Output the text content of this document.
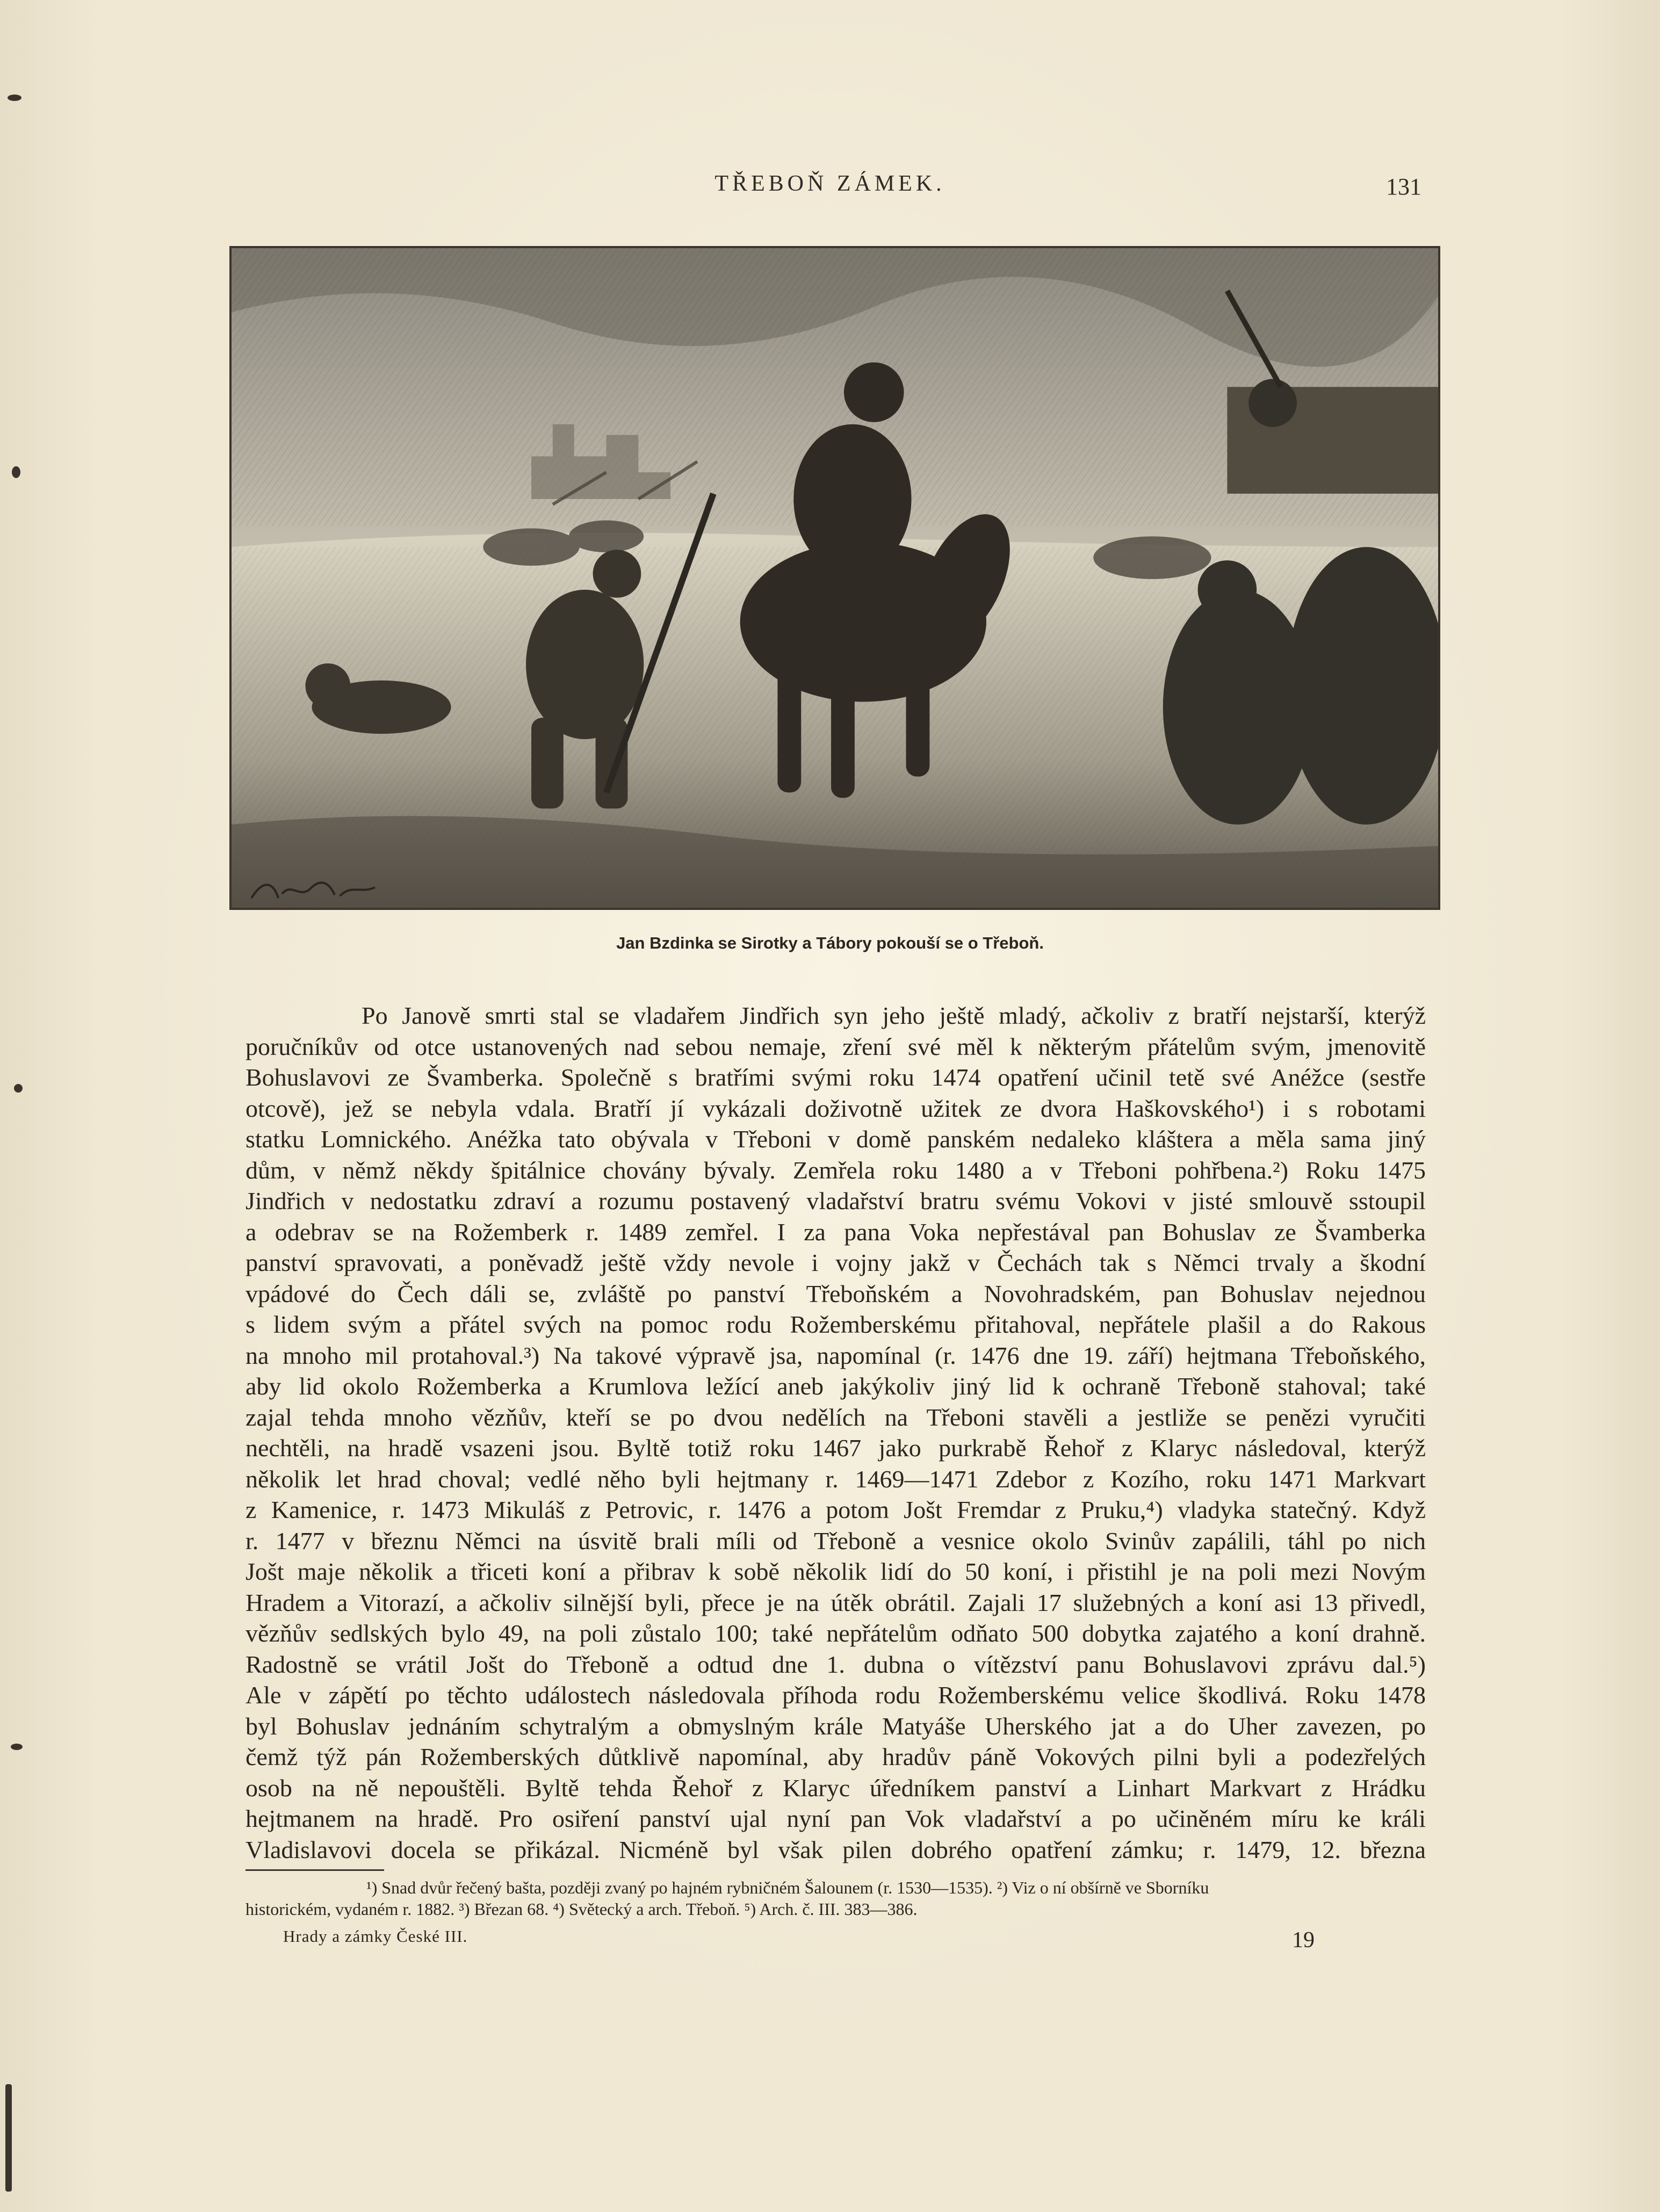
TŘEBOŇ ZÁMEK.	131
Jan Bzdinka se Sirotky a Tábory pokouší se o Třeboň.
Po Janově smrti stal se vladařem Jindřich syn jeho ještě mladý, ačkoliv z bratří nejstarší, kterýž
poručníkův od otce ustanovených nad sebou nemaje, zření své měl k některým přátelům svým, jmenovitě
Bohuslavovi ze Švamberka. Společně s bratřími svými roku 1474 opatření učinil tetě své Anéžce (sestře
otcově), jež se nebyla vdala. Bratří jí vykázali doživotně užitek ze dvora Haškovského¹) i s robotami
statku Lomnického. Anéžka tato obývala v Třeboni v domě panském nedaleko kláštera a měla sama jiný
dům, v němž někdy špitálnice chovány bývaly. Zemřela roku 1480 a v Třeboni pohřbena.²) Roku 1475
Jindřich v nedostatku zdraví a rozumu postavený vladařství bratru svému Vokovi v jisté smlouvě sstoupil
a odebrav se na Rožemberk r. 1489 zemřel. I za pana Voka nepřestával pan Bohuslav ze Švamberka
panství spravovati, a poněvadž ještě vždy nevole i vojny jakž v Čechách tak s Němci trvaly a škodní
vpádové do Čech dáli se, zvláště po panství Třeboňském a Novohradském, pan Bohuslav nejednou
s lidem svým a přátel svých na pomoc rodu Rožemberskému přitahoval, nepřátele plašil a do Rakous
na mnoho mil protahoval.³) Na takové výpravě jsa, napomínal (r. 1476 dne 19. září) hejtmana Třeboňského,
aby lid okolo Rožemberka a Krumlova ležící aneb jakýkoliv jiný lid k ochraně Třeboně stahoval; také
zajal tehda mnoho vězňův, kteří se po dvou nedělích na Třeboni stavěli a jestliže se penězi vyručiti
nechtěli, na hradě vsazeni jsou. Byltě totiž roku 1467 jako purkrabě Řehoř z Klaryc následoval, kterýž
několik let hrad choval; vedlé něho byli hejtmany r. 1469—1471 Zdebor z Kozího, roku 1471 Markvart
z Kamenice, r. 1473 Mikuláš z Petrovic, r. 1476 a potom Jošt Fremdar z Pruku,⁴) vladyka statečný. Když
r. 1477 v březnu Němci na úsvitě brali míli od Třeboně a vesnice okolo Svinův zapálili, táhl po nich
Jošt maje několik a třiceti koní a přibrav k sobě několik lidí do 50 koní, i přistihl je na poli mezi Novým
Hradem a Vitorazí, a ačkoliv silnější byli, přece je na útěk obrátil. Zajali 17 služebných a koní asi 13 přivedl,
vězňův sedlských bylo 49, na poli zůstalo 100; také nepřátelům odňato 500 dobytka zajatého a koní drahně.
Radostně se vrátil Jošt do Třeboně a odtud dne 1. dubna o vítězství panu Bohuslavovi zprávu dal.⁵)
Ale v zápětí po těchto událostech následovala příhoda rodu Rožemberskému velice škodlivá. Roku 1478
byl Bohuslav jednáním schytralým a obmyslným krále Matyáše Uherského jat a do Uher zavezen, po
čemž týž pán Rožemberských důtklivě napomínal, aby hradův páně Vokových pilni byli a podezřelých
osob na ně nepouštěli. Byltě tehda Řehoř z Klaryc úředníkem panství a Linhart Markvart z Hrádku
hejtmanem na hradě. Pro osiření panství ujal nyní pan Vok vladařství a po učiněném míru ke králi
Vladislavovi docela se přikázal. Nicméně byl však pilen dobrého opatření zámku; r. 1479, 12. března
¹) Snad dvůr řečený bašta, později zvaný po hajném rybničném Šalounem (r. 1530—1535). ²) Viz o ní obšírně ve Sborníku
historickém, vydaném r. 1882. ³) Březan 68. ⁴) Světecký a arch. Třeboň. ⁵) Arch. č. III. 383—386.
Hrady a zámky České III.	19
